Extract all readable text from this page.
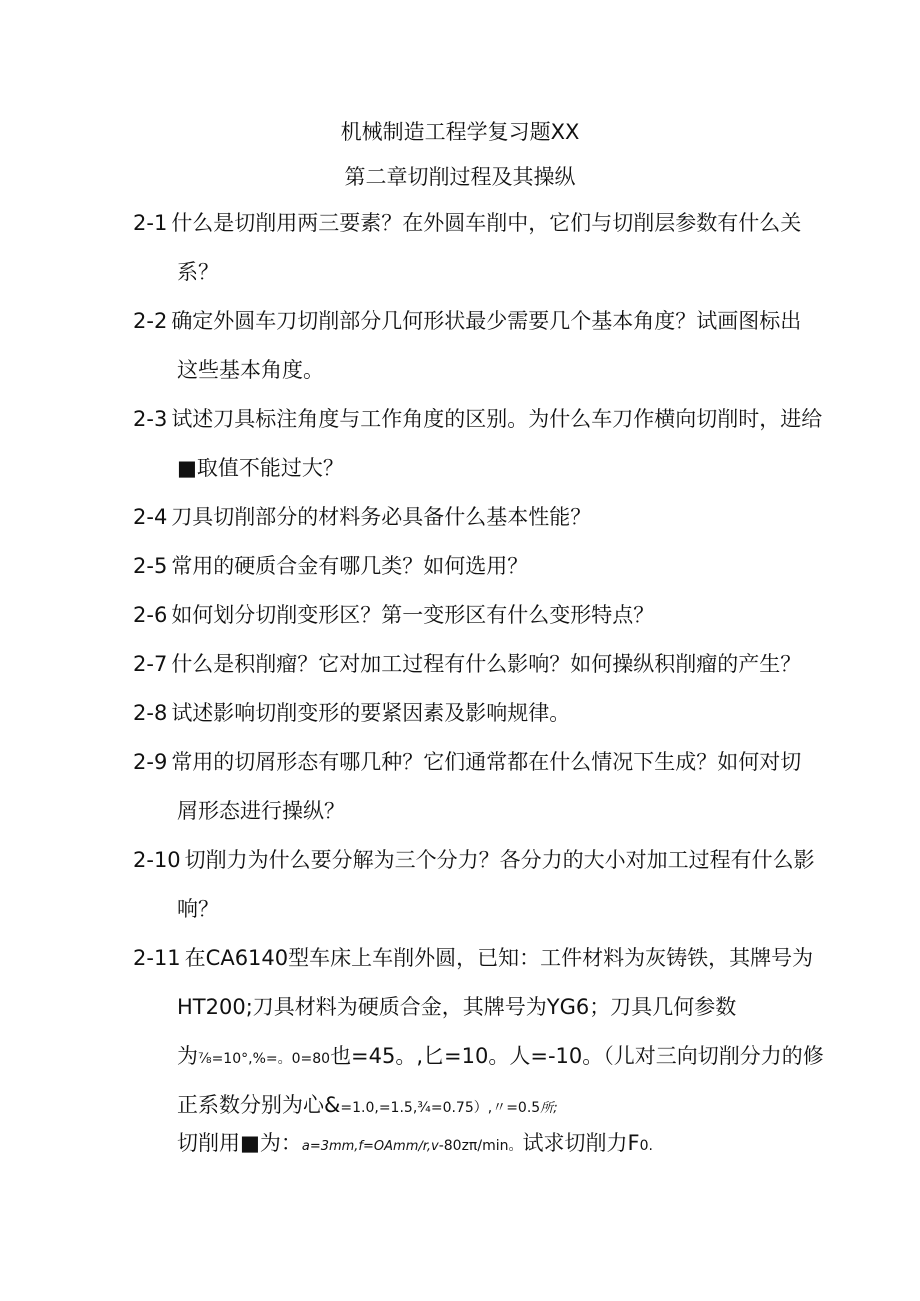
机械制造工程学复习题XX
第二章切削过程及其操纵
2-1 什么是切削用两三要素？在外圆车削中，它们与切削层参数有什么关
系？
2-2 确定外圆车刀切削部分几何形状最少需要几个基本角度？试画图标出
这些基本角度。
2-3 试述刀具标注角度与工作角度的区别。为什么车刀作横向切削时，进给
■取值不能过大？
2-4 刀具切削部分的材料务必具备什么基本性能？
2-5 常用的硬质合金有哪几类？如何选用？
2-6 如何划分切削变形区？第一变形区有什么变形特点？
2-7 什么是积削瘤？它对加工过程有什么影响？如何操纵积削瘤的产生？
2-8 试述影响切削变形的要紧因素及影响规律。
2-9 常用的切屑形态有哪几种？它们通常都在什么情况下生成？如何对切
屑形态进行操纵？
2-10 切削力为什么要分解为三个分力？各分力的大小对加工过程有什么影
响？
2-11 在CA6140型车床上车削外圆，已知：工件材料为灰铸铁，其牌号为
HT200;刀具材料为硬质合金，其牌号为YG6；刀具几何参数
为⅞=10°,%=。0=80也=45。,匕=10。人=-10。（儿对三向切削分力的修
正系数分别为心&=1.0,=1.5,¾=0.75）,〃=0.5所;
切削用■为：a=3mm,f=OAmm∕r,v-80zπ/min。试求切削力F0.
